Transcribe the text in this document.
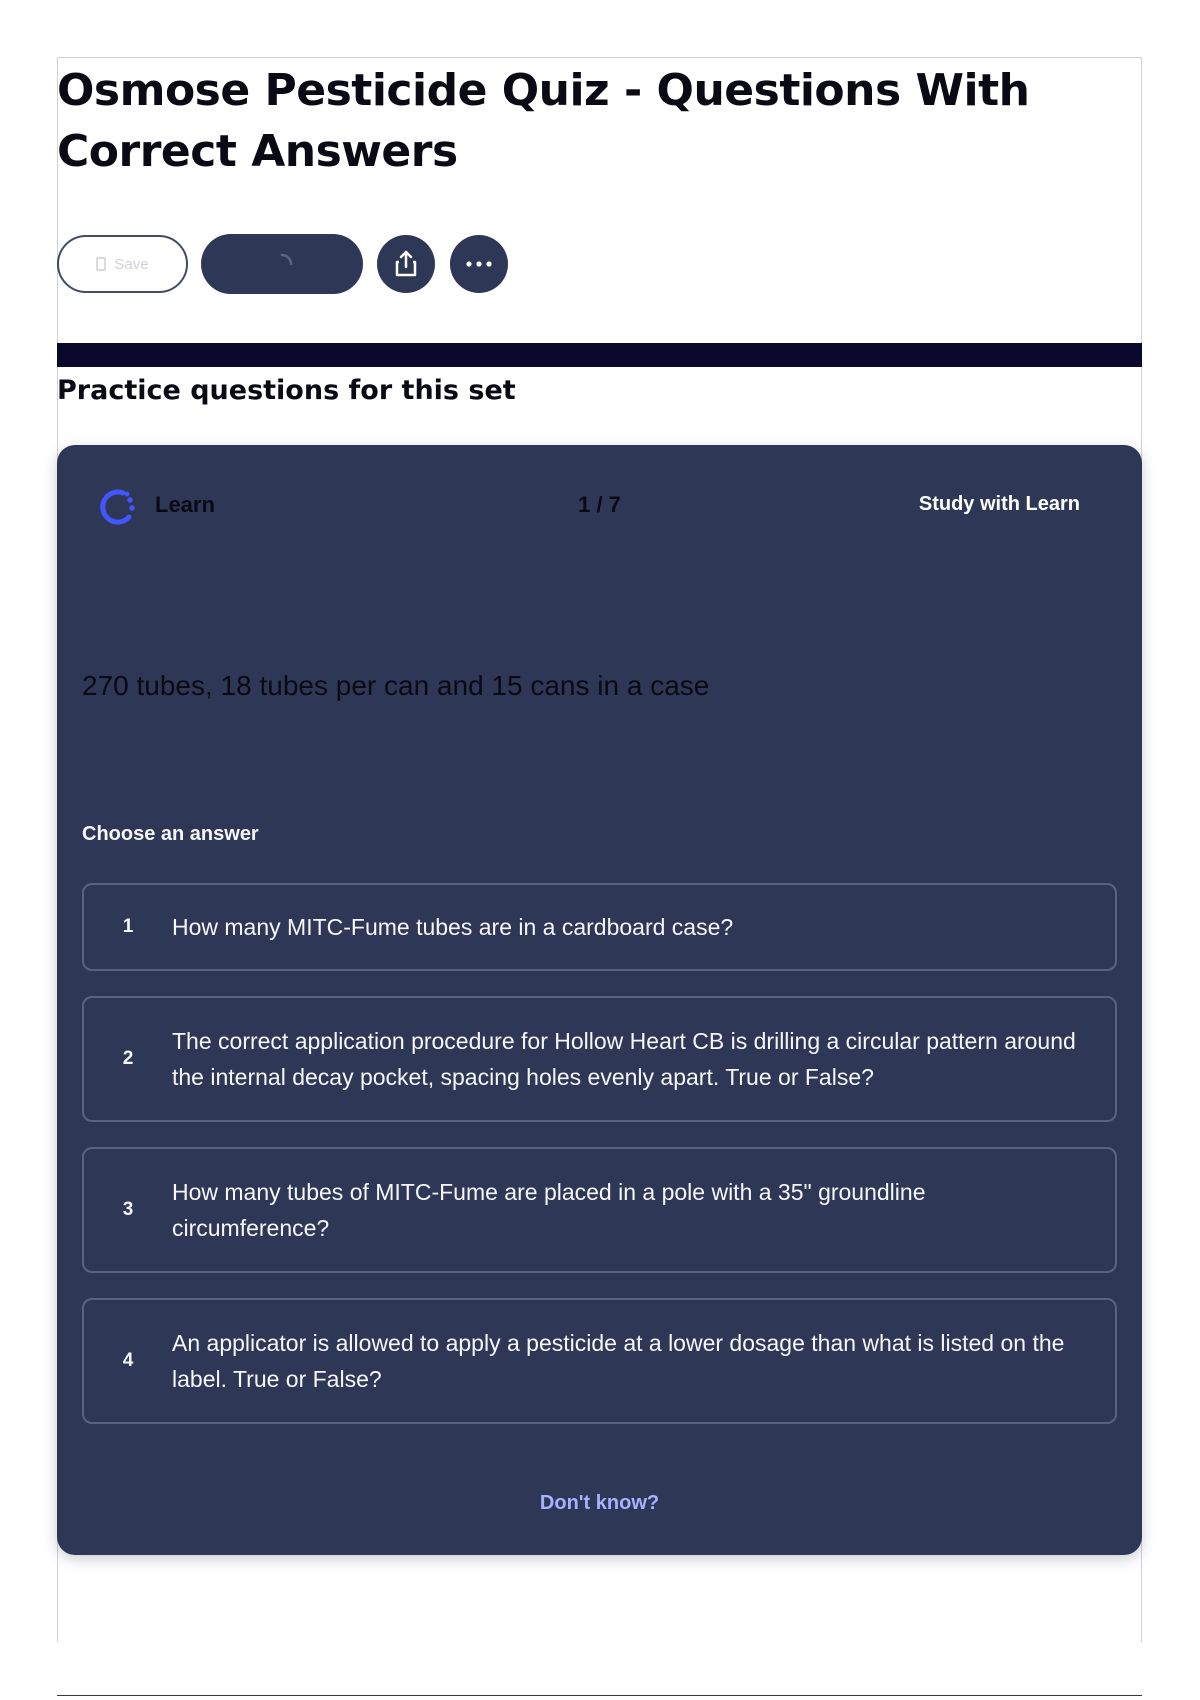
Osmose Pesticide Quiz - Questions With Correct Answers
Save
Practice questions for this set
Learn	1 / 7	Study with Learn
270 tubes, 18 tubes per can and 15 cans in a case
Choose an answer
1	How many MITC-Fume tubes are in a cardboard case?
2
The correct application procedure for Hollow Heart CB is drilling a circular pattern around the internal decay pocket, spacing holes evenly apart. True or False?
3
How many tubes of MITC-Fume are placed in a pole with a 35" groundline circumference?
4
An applicator is allowed to apply a pesticide at a lower dosage than what is listed on the label. True or False?
Don't know?
